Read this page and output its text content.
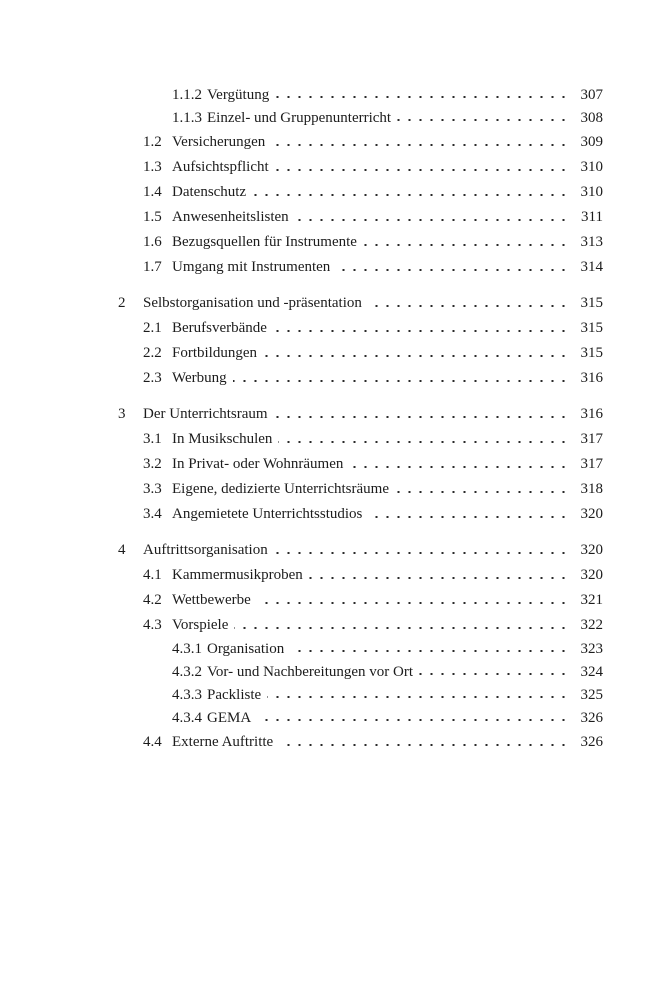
1.1.2 Vergütung	307
1.1.3 Einzel- und Gruppenunterricht	308
1.2 Versicherungen	309
1.3 Aufsichtspflicht	310
1.4 Datenschutz	310
1.5 Anwesenheitslisten	311
1.6 Bezugsquellen für Instrumente	313
1.7 Umgang mit Instrumenten	314
2	Selbstorganisation und -präsentation	315
2.1 Berufsverbände	315
2.2 Fortbildungen	315
2.3 Werbung	316
3	Der Unterrichtsraum	316
3.1 In Musikschulen	317
3.2 In Privat- oder Wohnräumen	317
3.3 Eigene, dedizierte Unterrichtsräume	318
3.4 Angemietete Unterrichtsstudios	320
4	Auftrittsorganisation	320
4.1 Kammermusikproben	320
4.2 Wettbewerbe	321
4.3 Vorspiele	322
4.3.1 Organisation	323
4.3.2 Vor- und Nachbereitungen vor Ort	324
4.3.3 Packliste	325
4.3.4 GEMA	326
4.4 Externe Auftritte	326
